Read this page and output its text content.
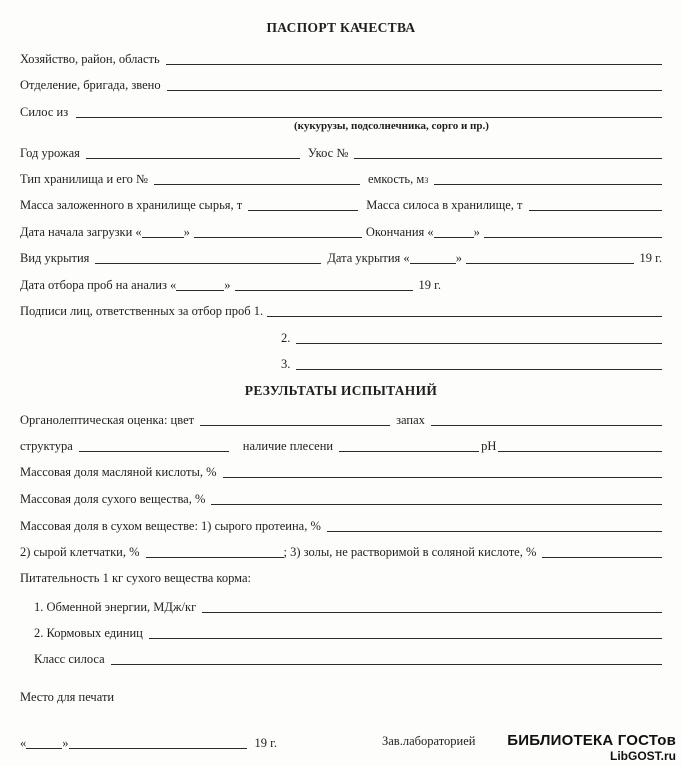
ПАСПОРТ КАЧЕСТВА
Хозяйство, район, область
Отделение, бригада, звено
Силос из
(кукурузы, подсолнечника, сорго и пр.)
Год урожая	Укос №
Тип хранилища и его №	емкость, м 3
Масса заложенного в хранилище сырья, т	Масса силоса в хранилище, т
Дата начала загрузки «	»	Окончания «	»
Вид укрытия	Дата укрытия «	»	19 г.
Дата отбора проб на анализ «	»	19 г.
Подписи лиц, ответственных за отбор проб 1.
2.
3.
РЕЗУЛЬТАТЫ ИСПЫТАНИЙ
Органолептическая оценка: цвет	запах
структура	наличие плесени	pH
Массовая доля масляной кислоты, %
Массовая доля сухого вещества, %
Массовая доля в сухом веществе: 1) сырого протеина, %
2) сырой клетчатки, %	; 3) золы, не растворимой в соляной кислоте, %
Питательность 1 кг сухого вещества корма:
1. Обменной энергии, МДж/кг
2. Кормовых единиц
Класс силоса
Место для печати
«	»	19 г.	Зав.лабораторией БИБЛИОТЕКА ГОСТов
LibGOST.ru
